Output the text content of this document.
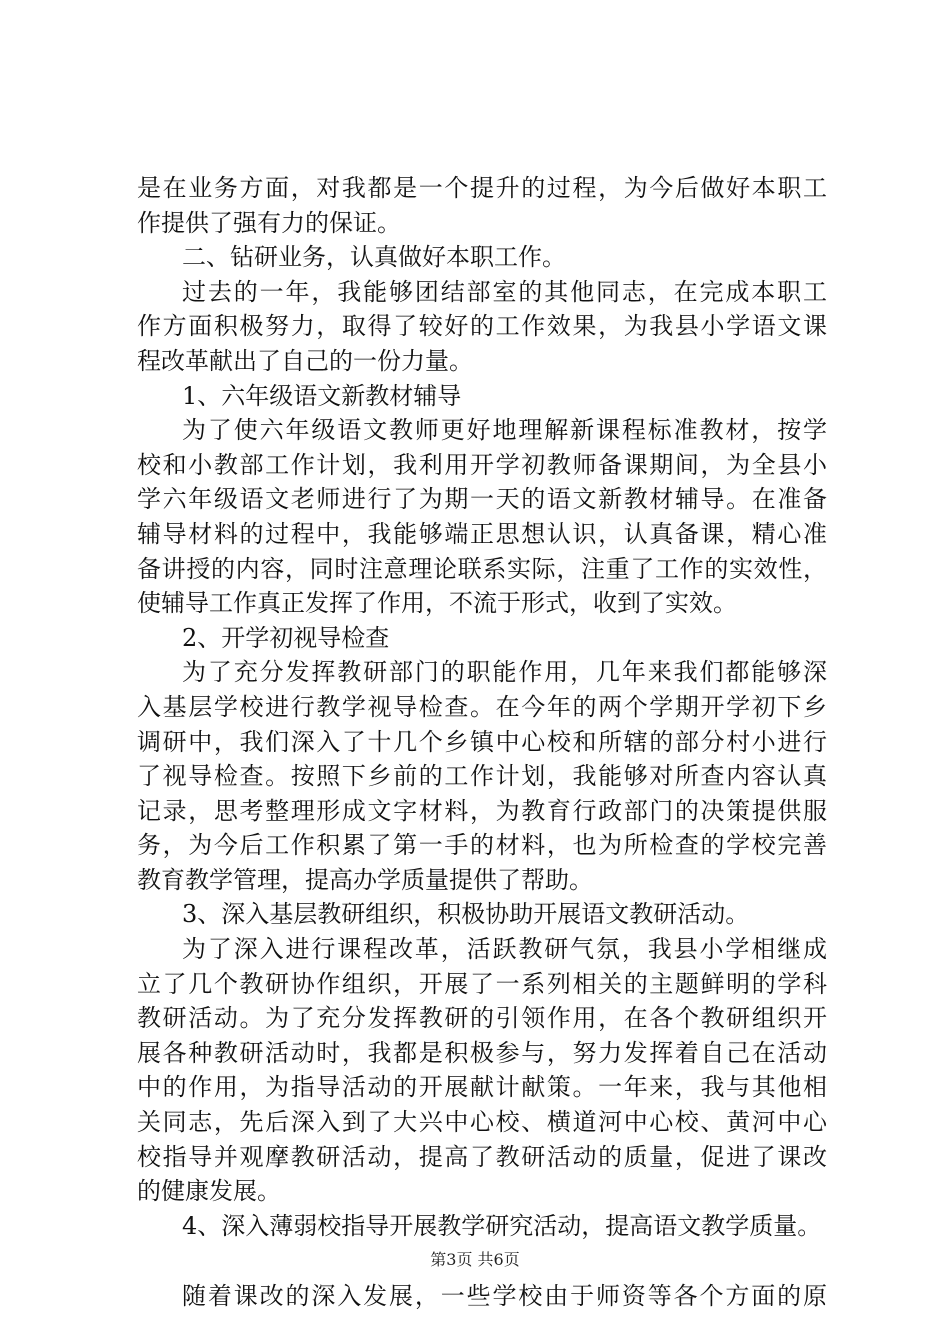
是在业务方面，对我都是一个提升的过程，为今后做好本职工
作提供了强有力的保证。
二、钻研业务，认真做好本职工作。
过去的一年，我能够团结部室的其他同志，在完成本职工
作方面积极努力，取得了较好的工作效果，为我县小学语文课
程改革献出了自己的一份力量。
1、六年级语文新教材辅导
为了使六年级语文教师更好地理解新课程标准教材，按学
校和小教部工作计划，我利用开学初教师备课期间，为全县小
学六年级语文老师进行了为期一天的语文新教材辅导。在准备
辅导材料的过程中，我能够端正思想认识，认真备课，精心准
备讲授的内容，同时注意理论联系实际，注重了工作的实效性，
使辅导工作真正发挥了作用，不流于形式，收到了实效。
2、开学初视导检查
为了充分发挥教研部门的职能作用，几年来我们都能够深
入基层学校进行教学视导检查。在今年的两个学期开学初下乡
调研中，我们深入了十几个乡镇中心校和所辖的部分村小进行
了视导检查。按照下乡前的工作计划，我能够对所查内容认真
记录，思考整理形成文字材料，为教育行政部门的决策提供服
务，为今后工作积累了第一手的材料，也为所检查的学校完善
教育教学管理，提高办学质量提供了帮助。
3、深入基层教研组织，积极协助开展语文教研活动。
为了深入进行课程改革，活跃教研气氛，我县小学相继成
立了几个教研协作组织，开展了一系列相关的主题鲜明的学科
教研活动。为了充分发挥教研的引领作用，在各个教研组织开
展各种教研活动时，我都是积极参与，努力发挥着自己在活动
中的作用，为指导活动的开展献计献策。一年来，我与其他相
关同志，先后深入到了大兴中心校、横道河中心校、黄河中心
校指导并观摩教研活动，提高了教研活动的质量，促进了课改
的健康发展。
4、深入薄弱校指导开展教学研究活动，提高语文教学质量。
随着课改的深入发展，一些学校由于师资等各个方面的原
第3页 共6页
